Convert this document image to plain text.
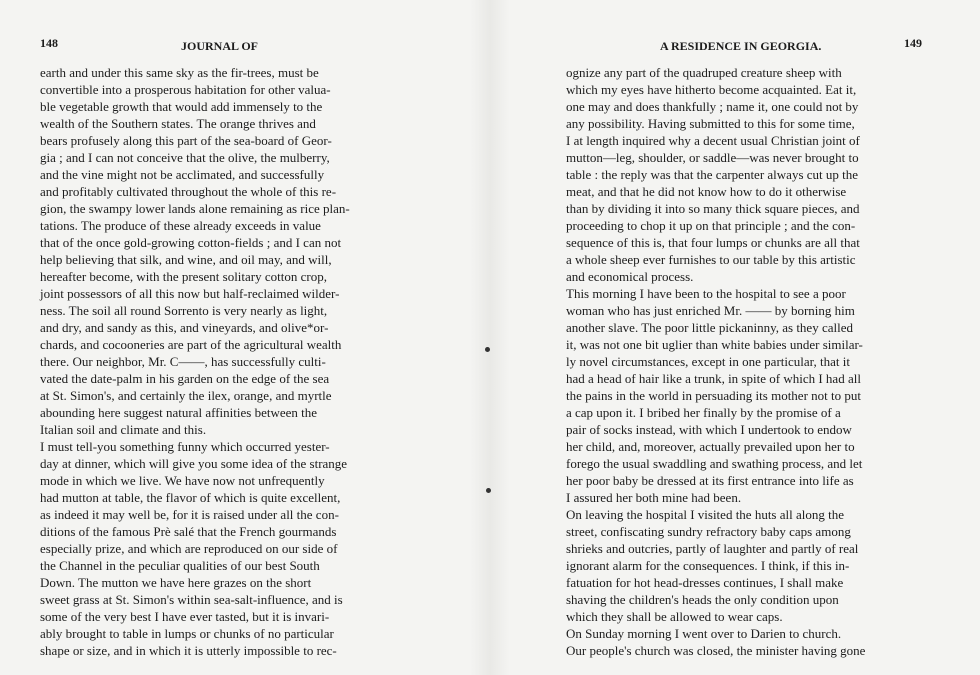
148	JOURNAL OF
earth and under this same sky as the fir-trees, must be
convertible into a prosperous habitation for other valua-
ble vegetable growth that would add immensely to the
wealth of the Southern states. The orange thrives and
bears profusely along this part of the sea-board of Geor-
gia ; and I can not conceive that the olive, the mulberry,
and the vine might not be acclimated, and successfully
and profitably cultivated throughout the whole of this re-
gion, the swampy lower lands alone remaining as rice plan-
tations. The produce of these already exceeds in value
that of the once gold-growing cotton-fields ; and I can not
help believing that silk, and wine, and oil may, and will,
hereafter become, with the present solitary cotton crop,
joint possessors of all this now but half-reclaimed wilder-
ness. The soil all round Sorrento is very nearly as light,
and dry, and sandy as this, and vineyards, and olive*or-
chards, and cocooneries are part of the agricultural wealth
there. Our neighbor, Mr. C——, has successfully culti-
vated the date-palm in his garden on the edge of the sea
at St. Simon's, and certainly the ilex, orange, and myrtle
abounding here suggest natural affinities between the
Italian soil and climate and this.
I must tell-you something funny which occurred yester-
day at dinner, which will give you some idea of the strange
mode in which we live. We have now not unfrequently
had mutton at table, the flavor of which is quite excellent,
as indeed it may well be, for it is raised under all the con-
ditions of the famous Prè salé that the French gourmands
especially prize, and which are reproduced on our side of
the Channel in the peculiar qualities of our best South
Down. The mutton we have here grazes on the short
sweet grass at St. Simon's within sea-salt-influence, and is
some of the very best I have ever tasted, but it is invari-
ably brought to table in lumps or chunks of no particular
shape or size, and in which it is utterly impossible to rec-
A RESIDENCE IN GEORGIA.	149
ognize any part of the quadruped creature sheep with
which my eyes have hitherto become acquainted. Eat it,
one may and does thankfully ; name it, one could not by
any possibility. Having submitted to this for some time,
I at length inquired why a decent usual Christian joint of
mutton—leg, shoulder, or saddle—was never brought to
table : the reply was that the carpenter always cut up the
meat, and that he did not know how to do it otherwise
than by dividing it into so many thick square pieces, and
proceeding to chop it up on that principle ; and the con-
sequence of this is, that four lumps or chunks are all that
a whole sheep ever furnishes to our table by this artistic
and economical process.
This morning I have been to the hospital to see a poor
woman who has just enriched Mr. —— by borning him
another slave. The poor little pickaninny, as they called
it, was not one bit uglier than white babies under similar-
ly novel circumstances, except in one particular, that it
had a head of hair like a trunk, in spite of which I had all
the pains in the world in persuading its mother not to put
a cap upon it. I bribed her finally by the promise of a
pair of socks instead, with which I undertook to endow
her child, and, moreover, actually prevailed upon her to
forego the usual swaddling and swathing process, and let
her poor baby be dressed at its first entrance into life as
I assured her both mine had been.
On leaving the hospital I visited the huts all along the
street, confiscating sundry refractory baby caps among
shrieks and outcries, partly of laughter and partly of real
ignorant alarm for the consequences. I think, if this in-
fatuation for hot head-dresses continues, I shall make
shaving the children's heads the only condition upon
which they shall be allowed to wear caps.
On Sunday morning I went over to Darien to church.
Our people's church was closed, the minister having gone
